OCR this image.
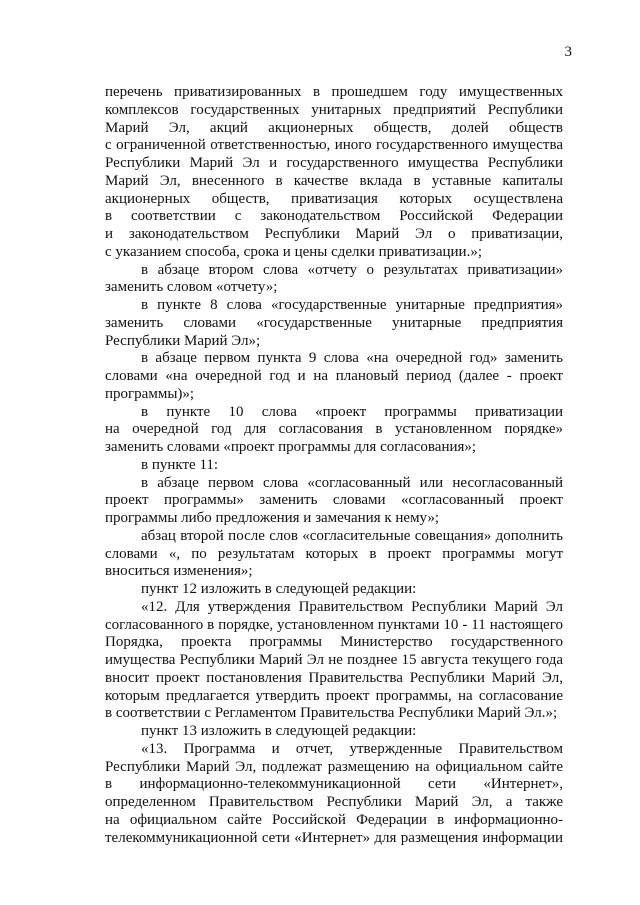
3
перечень приватизированных в прошедшем году имущественных
комплексов государственных унитарных предприятий Республики
Марий Эл, акций акционерных обществ, долей обществ
с ограниченной ответственностью, иного государственного имущества
Республики Марий Эл и государственного имущества Республики
Марий Эл, внесенного в качестве вклада в уставные капиталы
акционерных обществ, приватизация которых осуществлена
в соответствии с законодательством Российской Федерации
и законодательством Республики Марий Эл о приватизации,
с указанием способа, срока и цены сделки приватизации.»;
в абзаце втором слова «отчету о результатах приватизации»
заменить словом «отчету»;
в пункте 8 слова «государственные унитарные предприятия»
заменить словами «государственные унитарные предприятия
Республики Марий Эл»;
в абзаце первом пункта 9 слова «на очередной год» заменить
словами «на очередной год и на плановый период (далее - проект
программы)»;
в пункте 10 слова «проект программы приватизации
на очередной год для согласования в установленном порядке»
заменить словами «проект программы для согласования»;
в пункте 11:
в абзаце первом слова «согласованный или несогласованный
проект программы» заменить словами «согласованный проект
программы либо предложения и замечания к нему»;
абзац второй после слов «согласительные совещания» дополнить
словами «, по результатам которых в проект программы могут
вноситься изменения»;
пункт 12 изложить в следующей редакции:
«12. Для утверждения Правительством Республики Марий Эл
согласованного в порядке, установленном пунктами 10 - 11 настоящего
Порядка, проекта программы Министерство государственного
имущества Республики Марий Эл не позднее 15 августа текущего года
вносит проект постановления Правительства Республики Марий Эл,
которым предлагается утвердить проект программы, на согласование
в соответствии с Регламентом Правительства Республики Марий Эл.»;
пункт 13 изложить в следующей редакции:
«13. Программа и отчет, утвержденные Правительством
Республики Марий Эл, подлежат размещению на официальном сайте
в информационно-телекоммуникационной сети «Интернет»,
определенном Правительством Республики Марий Эл, а также
на официальном сайте Российской Федерации в информационно-
телекоммуникационной сети «Интернет» для размещения информации
